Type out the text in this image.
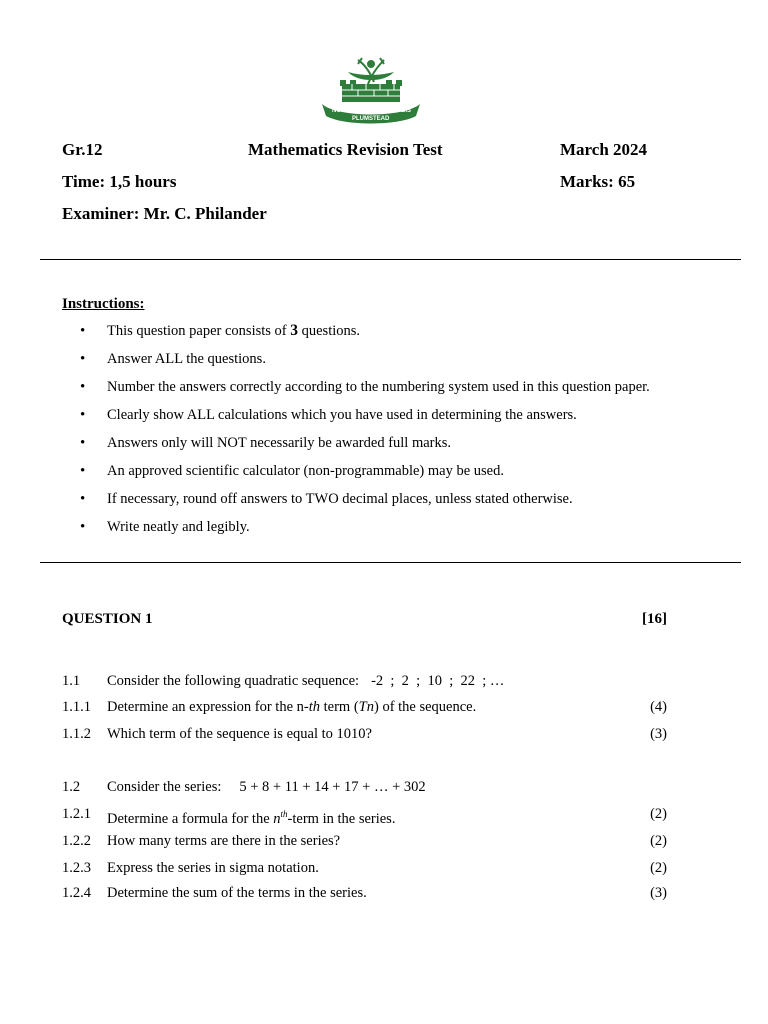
NON	NOBIS
PLUMSTEAD
Gr.12	Mathematics Revision Test	March 2024
Time: 1,5 hours	Marks: 65
Examiner: Mr. C. Philander
Instructions:
• This question paper consists of 3 questions.
• Answer ALL the questions.
• Number the answers correctly according to the numbering system used in this question paper.
• Clearly show ALL calculations which you have used in determining the answers.
• Answers only will NOT necessarily be awarded full marks.
• An approved scientific calculator (non-programmable) may be used.
• If necessary, round off answers to TWO decimal places, unless stated otherwise.
• Write neatly and legibly.
QUESTION 1	[16]
1.1 Consider the following quadratic sequence: -2  ;  2  ;  10  ;  22  ; …
1.1.1 Determine an expression for the n-th term (Tn) of the sequence.	(4)
1.1.2 Which term of the sequence is equal to 1010?	(3)
1.2 Consider the series: 5 + 8 + 11 + 14 + 17 + … + 302
1.2.1 Determine a formula for the $n^{th}$-term in the series.	(2)
1.2.2 How many terms are there in the series?	(2)
1.2.3 Express the series in sigma notation.	(2)
1.2.4 Determine the sum of the terms in the series.	(3)
